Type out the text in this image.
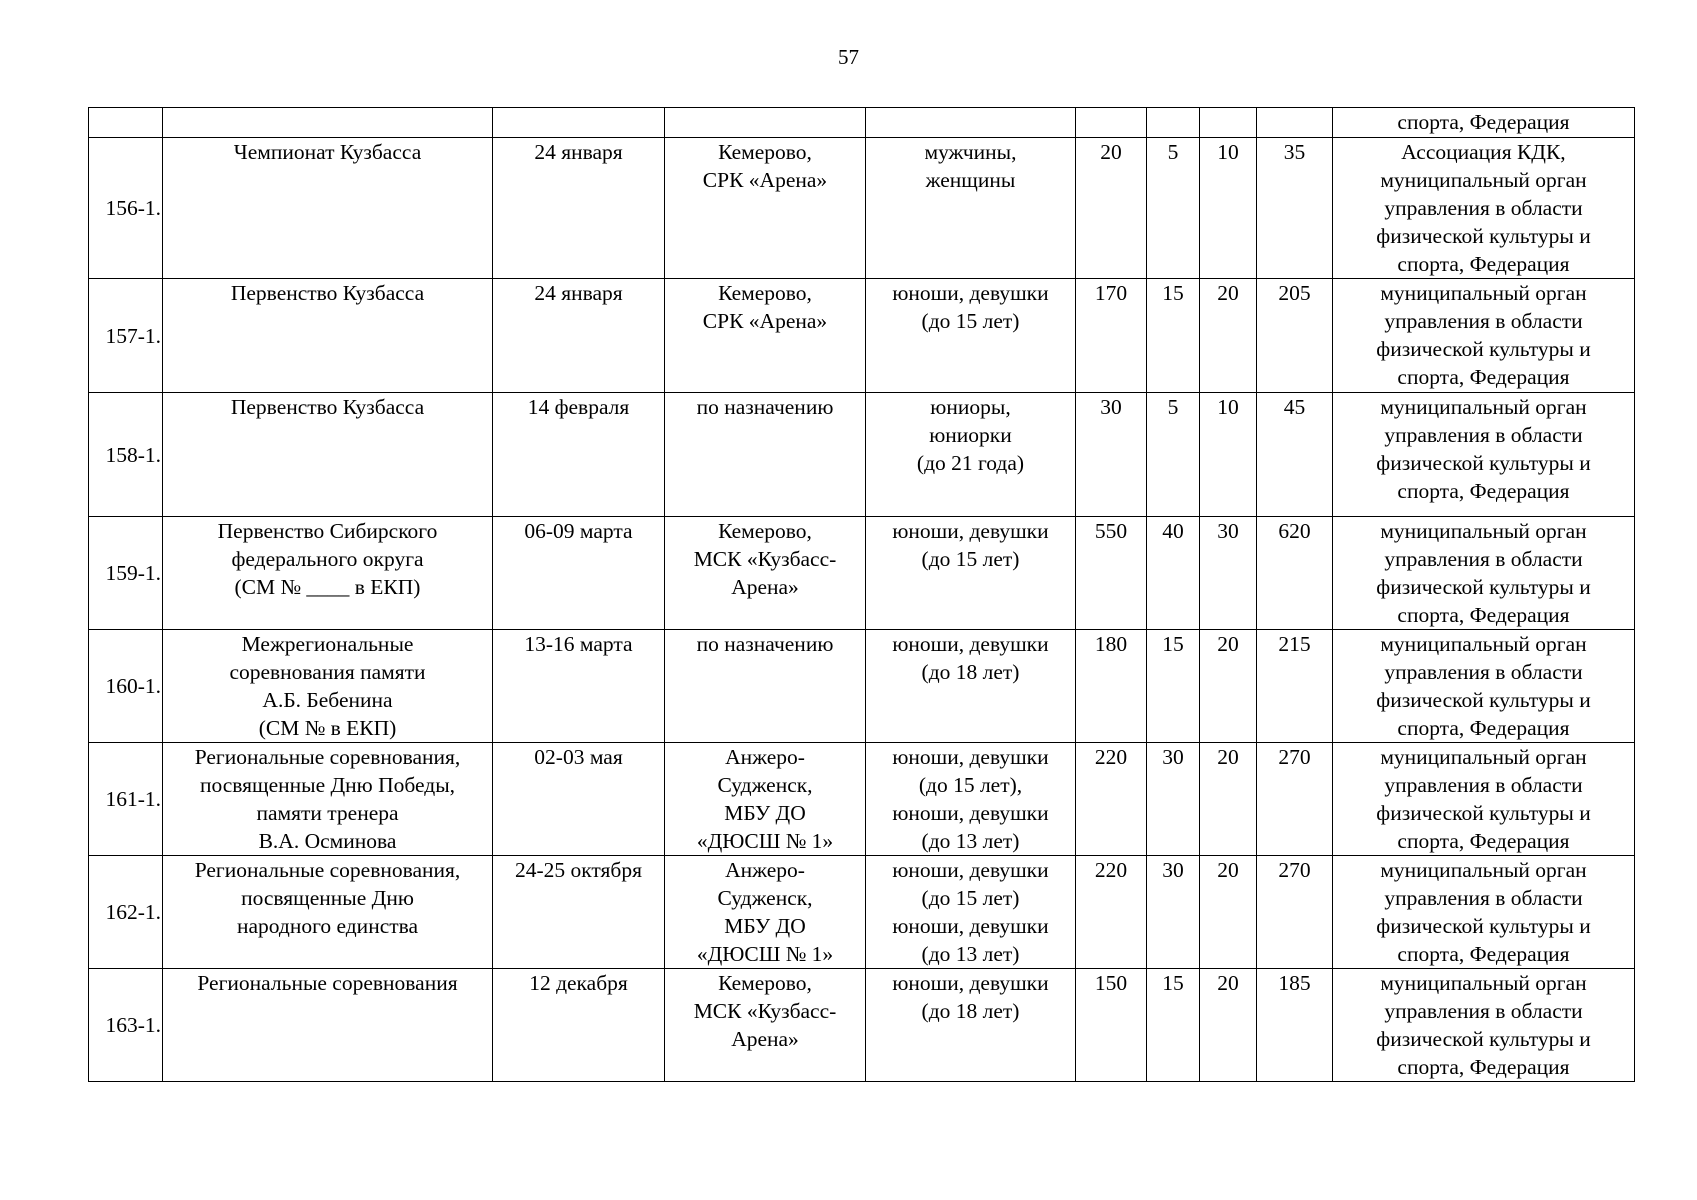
57
									спорта, Федерация
156-1.	Чемпионат Кузбасса	24 января	Кемерово,
СРК «Арена»	мужчины,
женщины	20	5	10	35	Ассоциация КДК,
муниципальный орган
управления в области
физической культуры и
спорта, Федерация
157-1.	Первенство Кузбасса	24 января	Кемерово,
СРК «Арена»	юноши, девушки
(до 15 лет)	170	15	20	205	муниципальный орган
управления в области
физической культуры и
спорта, Федерация
158-1.	Первенство Кузбасса	14 февраля	по назначению	юниоры,
юниорки
(до 21 года)	30	5	10	45	муниципальный орган
управления в области
физической культуры и
спорта, Федерация
159-1.	Первенство Сибирского
федерального округа
(СМ № ____ в ЕКП)	06-09 марта	Кемерово,
МСК «Кузбасс-
Арена»	юноши, девушки
(до 15 лет)	550	40	30	620	муниципальный орган
управления в области
физической культуры и
спорта, Федерация
160-1.	Межрегиональные
соревнования памяти
А.Б. Бебенина
(СМ № в ЕКП)	13-16 марта	по назначению	юноши, девушки
(до 18 лет)	180	15	20	215	муниципальный орган
управления в области
физической культуры и
спорта, Федерация
161-1.	Региональные соревнования,
посвященные Дню Победы,
памяти тренера
В.А. Осминова	02-03 мая	Анжеро-
Судженск,
МБУ ДО
«ДЮСШ № 1»	юноши, девушки
(до 15 лет),
юноши, девушки
(до 13 лет)	220	30	20	270	муниципальный орган
управления в области
физической культуры и
спорта, Федерация
162-1.	Региональные соревнования,
посвященные Дню
народного единства	24-25 октября	Анжеро-
Судженск,
МБУ ДО
«ДЮСШ № 1»	юноши, девушки
(до 15 лет)
юноши, девушки
(до 13 лет)	220	30	20	270	муниципальный орган
управления в области
физической культуры и
спорта, Федерация
163-1.	Региональные соревнования	12 декабря	Кемерово,
МСК «Кузбасс-
Арена»	юноши, девушки
(до 18 лет)	150	15	20	185	муниципальный орган
управления в области
физической культуры и
спорта, Федерация
